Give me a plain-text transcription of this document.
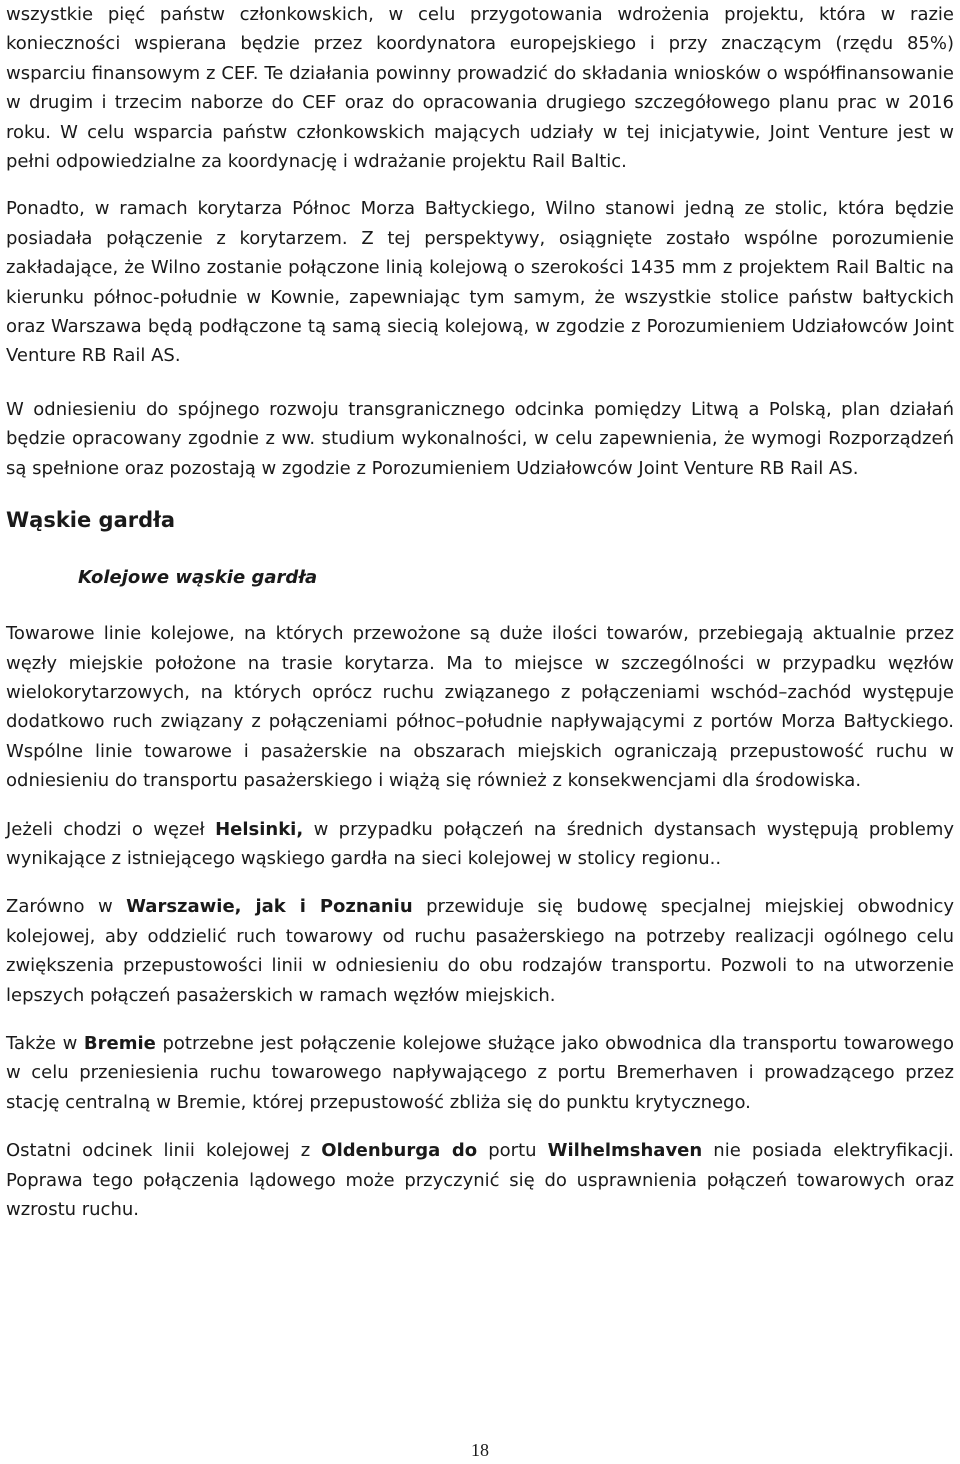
wszystkie pięć państw członkowskich, w celu przygotowania wdrożenia projektu, która w razie konieczności wspierana będzie przez koordynatora europejskiego i przy znaczącym (rzędu 85%) wsparciu finansowym z CEF. Te działania powinny prowadzić do składania wniosków o współfinansowanie w drugim i trzecim naborze do CEF oraz do opracowania drugiego szczegółowego planu prac w 2016 roku. W celu wsparcia państw członkowskich mających udziały w tej inicjatywie, Joint Venture jest w pełni odpowiedzialne za koordynację i wdrażanie projektu Rail Baltic.

Ponadto, w ramach korytarza Północ Morza Bałtyckiego, Wilno stanowi jedną ze stolic, która będzie posiadała połączenie z korytarzem. Z tej perspektywy, osiągnięte zostało wspólne porozumienie zakładające, że Wilno zostanie połączone linią kolejową o szerokości 1435 mm z projektem Rail Baltic na kierunku północ-południe w Kownie, zapewniając tym samym, że wszystkie stolice państw bałtyckich oraz Warszawa będą podłączone tą samą siecią kolejową, w zgodzie z Porozumieniem Udziałowców Joint Venture RB Rail AS.

W odniesieniu do spójnego rozwoju transgranicznego odcinka pomiędzy Litwą a Polską, plan działań będzie opracowany zgodnie z ww. studium wykonalności, w celu zapewnienia, że wymogi Rozporządzeń są spełnione oraz pozostają w zgodzie z Porozumieniem Udziałowców Joint Venture RB Rail AS.

Wąskie gardła
Kolejowe wąskie gardła

Towarowe linie kolejowe, na których przewożone są duże ilości towarów, przebiegają aktualnie przez węzły miejskie położone na trasie korytarza. Ma to miejsce w szczególności w przypadku węzłów wielokorytarzowych, na których oprócz ruchu związanego z połączeniami wschód–zachód występuje dodatkowo ruch związany z połączeniami północ–południe napływającymi z portów Morza Bałtyckiego. Wspólne linie towarowe i pasażerskie na obszarach miejskich ograniczają przepustowość ruchu w odniesieniu do transportu pasażerskiego i wiążą się również z konsekwencjami dla środowiska.

Jeżeli chodzi o węzeł Helsinki, w przypadku połączeń na średnich dystansach występują problemy wynikające z istniejącego wąskiego gardła na sieci kolejowej w stolicy regionu..

Zarówno w Warszawie, jak i Poznaniu przewiduje się budowę specjalnej miejskiej obwodnicy kolejowej, aby oddzielić ruch towarowy od ruchu pasażerskiego na potrzeby realizacji ogólnego celu zwiększenia przepustowości linii w odniesieniu do obu rodzajów transportu. Pozwoli to na utworzenie lepszych połączeń pasażerskich w ramach węzłów miejskich.

Także w Bremie potrzebne jest połączenie kolejowe służące jako obwodnica dla transportu towarowego w celu przeniesienia ruchu towarowego napływającego z portu Bremerhaven i prowadzącego przez stację centralną w Bremie, której przepustowość zbliża się do punktu krytycznego.

Ostatni odcinek linii kolejowej z Oldenburga do portu Wilhelmshaven nie posiada elektryfikacji. Poprawa tego połączenia lądowego może przyczynić się do usprawnienia połączeń towarowych oraz wzrostu ruchu.

18
